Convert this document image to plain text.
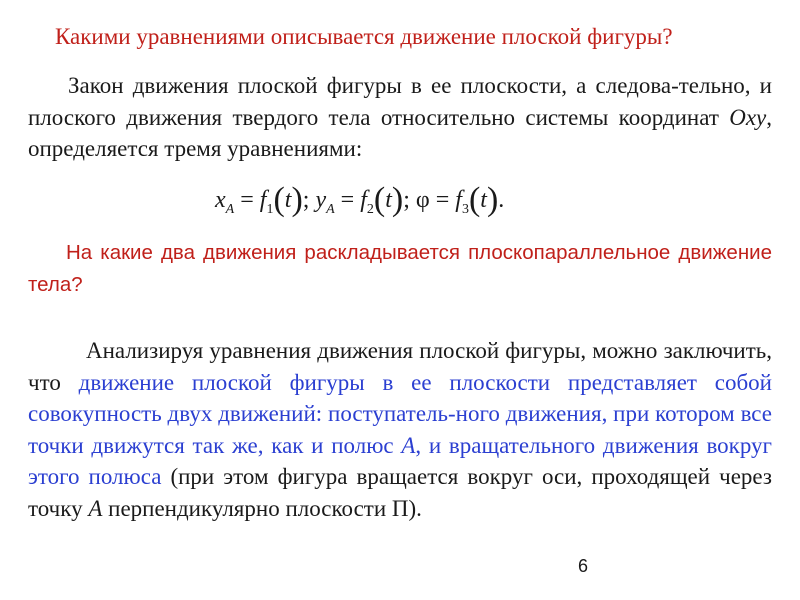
Какими уравнениями описывается движение плоской фигуры?
Закон движения плоской фигуры в ее плоскости, а следова-тельно, и плоского движения твердого тела относительно системы координат Oxy, определяется тремя уравнениями:
$x_A = f_1(t)$; $y_A = f_2(t)$; $\varphi = f_3(t)$.
На какие два движения раскладывается плоскопараллельное движение тела?
Анализируя уравнения движения плоской фигуры, можно заключить, что движение плоской фигуры в ее плоскости представляет собой совокупность двух движений: поступатель-ного движения, при котором все точки движутся так же, как и полюс A, и вращательного движения вокруг этого полюса (при этом фигура вращается вокруг оси, проходящей через точку A перпендикулярно плоскости П).
6
